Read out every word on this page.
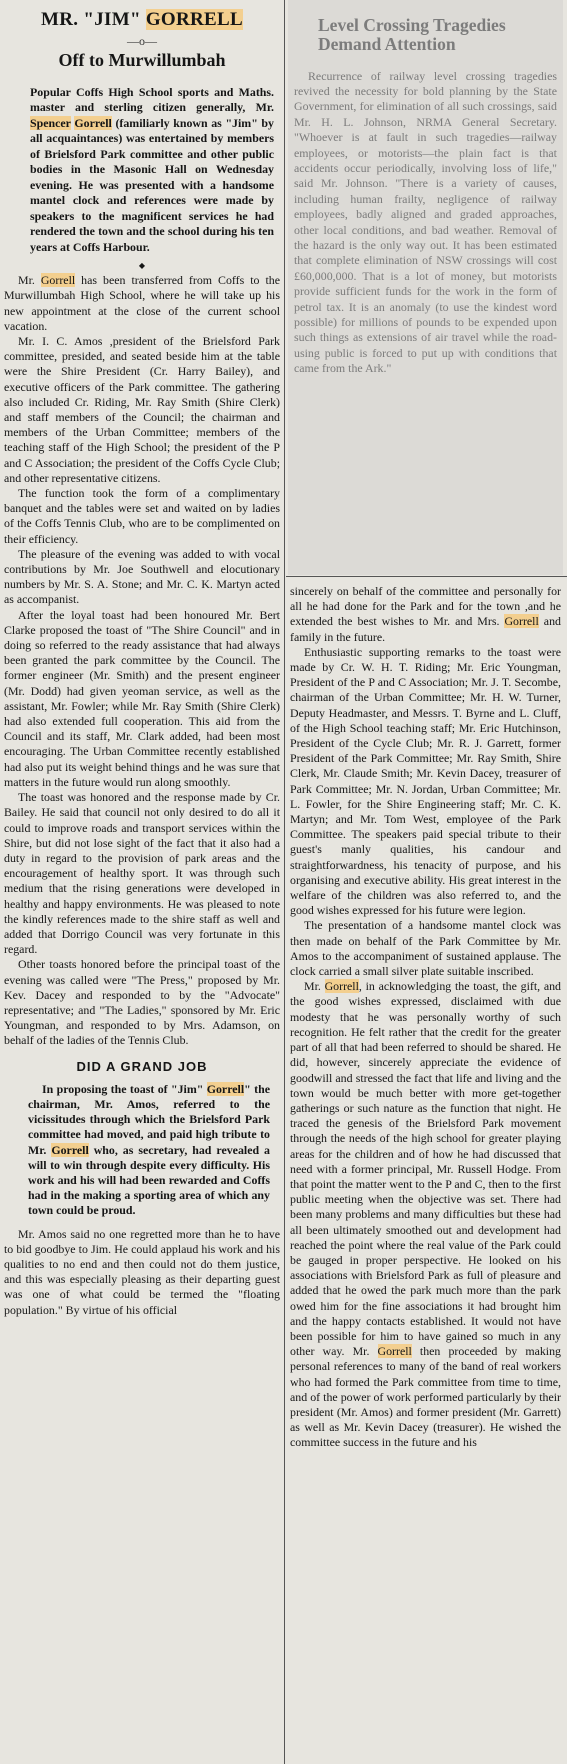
MR. "JIM" GORRELL
—o—
Off to Murwillumbah

Popular Coffs High School sports and Maths. master and sterling citizen generally, Mr. Spencer Gorrell (familiarly known as "Jim" by all acquaintances) was entertained by members of Brielsford Park committee and other public bodies in the Masonic Hall on Wednesday evening. He was presented with a handsome mantel clock and references were made by speakers to the magnificent services he had rendered the town and the school during his ten years at Coffs Harbour.

◆

Mr. Gorrell has been transferred from Coffs to the Murwillumbah High School, where he will take up his new appointment at the close of the current school vacation.

Mr. I. C. Amos ,president of the Brielsford Park committee, presided, and seated beside him at the table were the Shire President (Cr. Harry Bailey), and executive officers of the Park committee. The gathering also included Cr. Riding, Mr. Ray Smith (Shire Clerk) and staff members of the Council; the chairman and members of the Urban Committee; members of the teaching staff of the High School; the president of the P and C Association; the president of the Coffs Cycle Club; and other representative citizens.

The function took the form of a complimentary banquet and the tables were set and waited on by ladies of the Coffs Tennis Club, who are to be complimented on their efficiency.

The pleasure of the evening was added to with vocal contributions by Mr. Joe Southwell and elocutionary numbers by Mr. S. A. Stone; and Mr. C. K. Martyn acted as accompanist.

After the loyal toast had been honoured Mr. Bert Clarke proposed the toast of "The Shire Council" and in doing so referred to the ready assistance that had always been granted the park committee by the Council. The former engineer (Mr. Smith) and the present engineer (Mr. Dodd) had given yeoman service, as well as the assistant, Mr. Fowler; while Mr. Ray Smith (Shire Clerk) had also extended full cooperation. This aid from the Council and its staff, Mr. Clark added, had been most encouraging. The Urban Committee recently established had also put its weight behind things and he was sure that matters in the future would run along smoothly.

The toast was honored and the response made by Cr. Bailey. He said that council not only desired to do all it could to improve roads and transport services within the Shire, but did not lose sight of the fact that it also had a duty in regard to the provision of park areas and the encouragement of healthy sport. It was through such medium that the rising generations were developed in healthy and happy environments. He was pleased to note the kindly references made to the shire staff as well and added that Dorrigo Council was very fortunate in this regard.

Other toasts honored before the principal toast of the evening was called were "The Press," proposed by Mr. Kev. Dacey and responded to by the "Advocate" representative; and "The Ladies," sponsored by Mr. Eric Youngman, and responded to by Mrs. Adamson, on behalf of the ladies of the Tennis Club.

DID A GRAND JOB

In proposing the toast of "Jim" Gorrell" the chairman, Mr. Amos, referred to the vicissitudes through which the Brielsford Park committee had moved, and paid high tribute to Mr. Gorrell who, as secretary, had revealed a will to win through despite every difficulty. His work and his will had been rewarded and Coffs had in the making a sporting area of which any town could be proud.

Mr. Amos said no one regretted more than he to have to bid goodbye to Jim. He could applaud his work and his qualities to no end and then could not do them justice, and this was especially pleasing as their departing guest was one of what could be termed the "floating population." By virtue of his official

Level Crossing Tragedies Demand Attention

Recurrence of railway level crossing tragedies revived the necessity for bold planning by the State Government, for elimination of all such crossings, said Mr. H. L. Johnson, NRMA General Secretary. "Whoever is at fault in such tragedies—railway employees, or motorists—the plain fact is that accidents occur periodically, involving loss of life," said Mr. Johnson. "There is a variety of causes, including human frailty, negligence of railway employees, badly aligned and graded approaches, other local conditions, and bad weather. Removal of the hazard is the only way out. It has been estimated that complete elimination of NSW crossings will cost £60,000,000. That is a lot of money, but motorists provide sufficient funds for the work in the form of petrol tax. It is an anomaly (to use the kindest word possible) for millions of pounds to be expended upon such things as extensions of air travel while the road-using public is forced to put up with conditions that came from the Ark."

sincerely on behalf of the committee and personally for all he had done for the Park and for the town ,and he extended the best wishes to Mr. and Mrs. Gorrell and family in the future.

Enthusiastic supporting remarks to the toast were made by Cr. W. H. T. Riding; Mr. Eric Youngman, President of the P and C Association; Mr. J. T. Secombe, chairman of the Urban Committee; Mr. H. W. Turner, Deputy Headmaster, and Messrs. T. Byrne and L. Cluff, of the High School teaching staff; Mr. Eric Hutchinson, President of the Cycle Club; Mr. R. J. Garrett, former President of the Park Committee; Mr. Ray Smith, Shire Clerk, Mr. Claude Smith; Mr. Kevin Dacey, treasurer of Park Committee; Mr. N. Jordan, Urban Committee; Mr. L. Fowler, for the Shire Engineering staff; Mr. C. K. Martyn; and Mr. Tom West, employee of the Park Committee. The speakers paid special tribute to their guest's manly qualities, his candour and straightforwardness, his tenacity of purpose, and his organising and executive ability. His great interest in the welfare of the children was also referred to, and the good wishes expressed for his future were legion.

The presentation of a handsome mantel clock was then made on behalf of the Park Committee by Mr. Amos to the accompaniment of sustained applause. The clock carried a small silver plate suitable inscribed.

Mr. Gorrell, in acknowledging the toast, the gift, and the good wishes expressed, disclaimed with due modesty that he was personally worthy of such recognition. He felt rather that the credit for the greater part of all that had been referred to should be shared. He did, however, sincerely appreciate the evidence of goodwill and stressed the fact that life and living and the town would be much better with more get-together gatherings or such nature as the function that night. He traced the genesis of the Brielsford Park movement through the needs of the high school for greater playing areas for the children and of how he had discussed that need with a former principal, Mr. Russell Hodge. From that point the matter went to the P and C, then to the first public meeting when the objective was set. There had been many problems and many difficulties but these had all been ultimately smoothed out and development had reached the point where the real value of the Park could be gauged in proper perspective. He looked on his associations with Brielsford Park as full of pleasure and added that he owed the park much more than the park owed him for the fine associations it had brought him and the happy contacts established. It would not have been possible for him to have gained so much in any other way. Mr. Gorrell then proceeded by making personal references to many of the band of real workers who had formed the Park committee from time to time, and of the power of work performed particularly by their president (Mr. Amos) and former president (Mr. Garrett) as well as Mr. Kevin Dacey (treasurer). He wished the committee success in the future and his
